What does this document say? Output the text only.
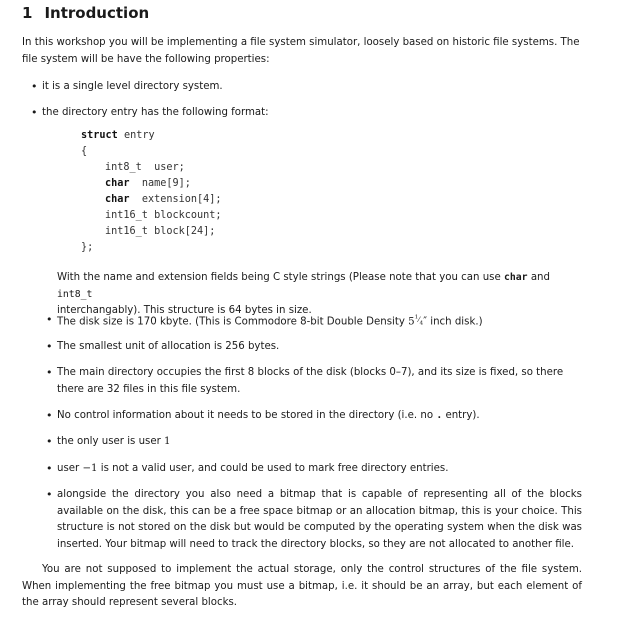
1 Introduction
In this workshop you will be implementing a file system simulator, loosely based on historic file systems. The file system will be have the following properties:
• it is a single level directory system.
• the directory entry has the following format:
struct entry
{
int8_t user;
char name[9];
char extension[4];
int16_t blockcount;
int16_t block[24];
};
With the name and extension fields being C style strings (Please note that you can use char and int8_t
interchangably). This structure is 64 bytes in size.
• The disk size is 170 kbyte. (This is Commodore 8-bit Double Density $5^1⁄_4''$ inch disk.)
• The smallest unit of allocation is 256 bytes.
• The main directory occupies the first 8 blocks of the disk (blocks 0–7), and its size is fixed, so there there are 32 files in this file system.
• No control information about it needs to be stored in the directory (i.e. no . entry).
• the only user is user 1
• user −1 is not a valid user, and could be used to mark free directory entries.
• alongside the directory you also need a bitmap that is capable of representing all of the blocks available on the disk, this can be a free space bitmap or an allocation bitmap, this is your choice. This structure is not stored on the disk but would be computed by the operating system when the disk was inserted. Your bitmap will need to track the directory blocks, so they are not allocated to another file.
You are not supposed to implement the actual storage, only the control structures of the file system. When implementing the free bitmap you must use a bitmap, i.e. it should be an array, but each element of the array should represent several blocks.
